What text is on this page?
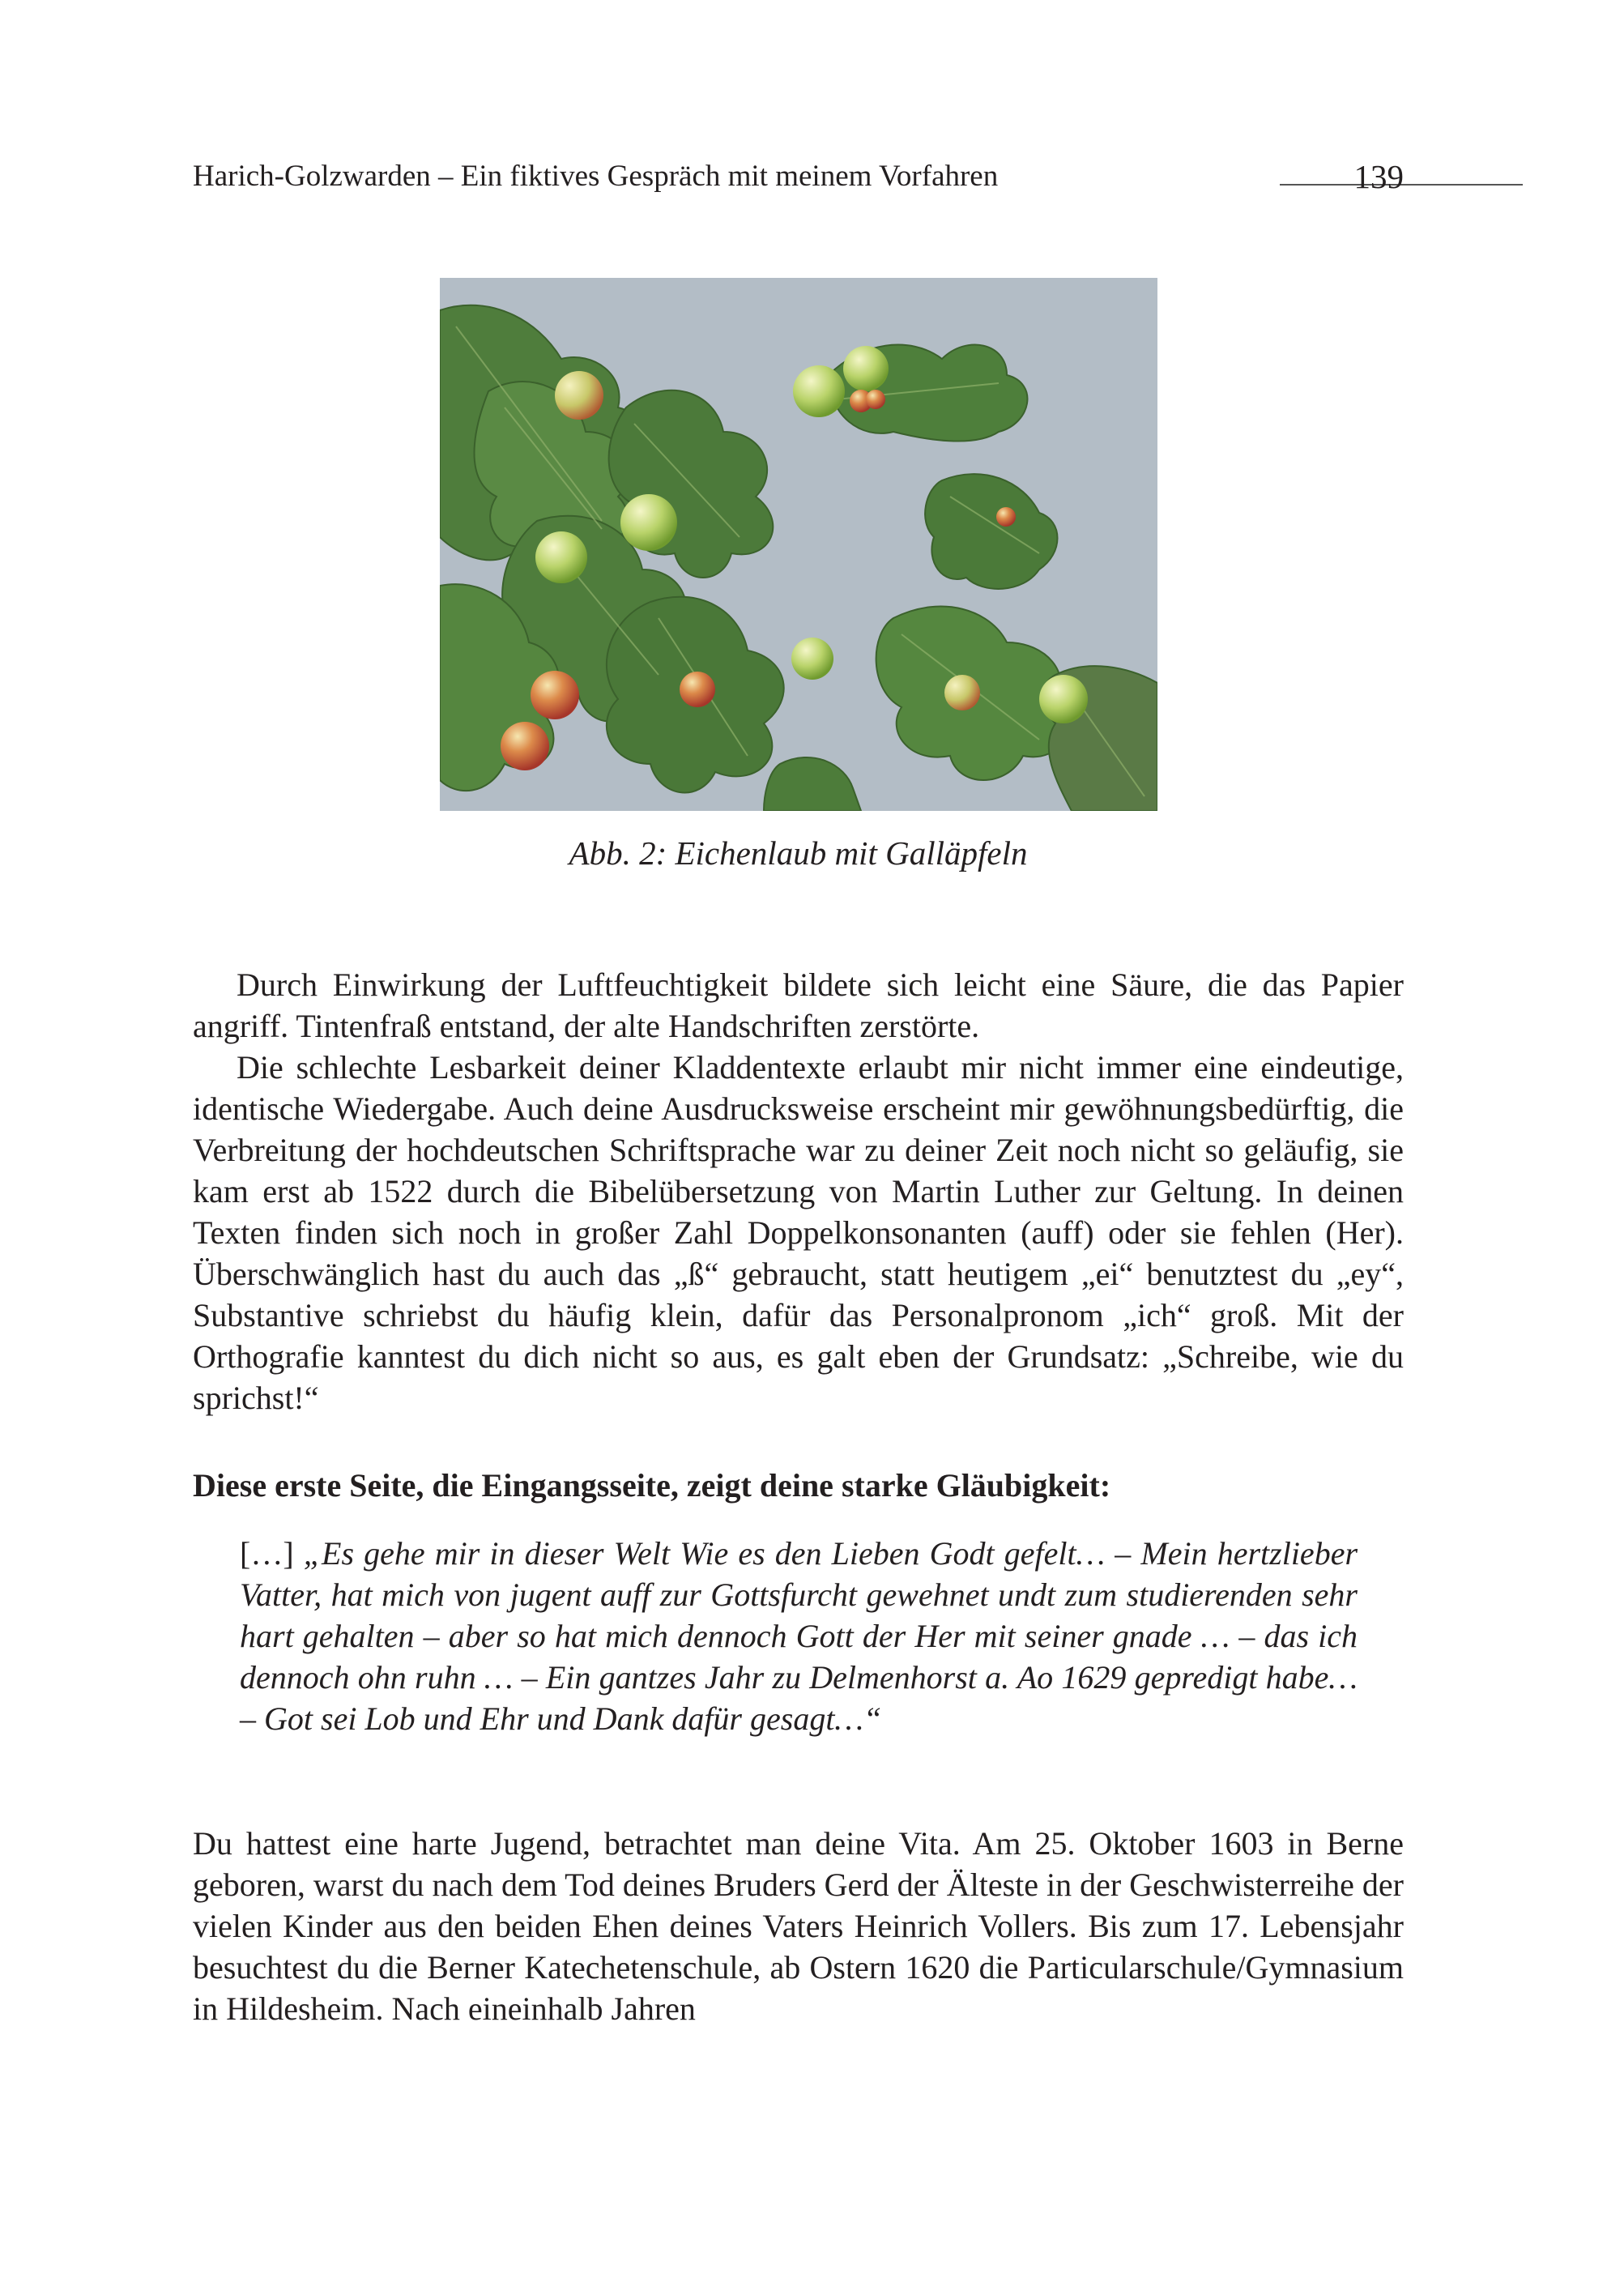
Harich-Golzwarden – Ein fiktives Gespräch mit meinem Vorfahren	139
Abb. 2: Eichenlaub mit Galläpfeln

Durch Einwirkung der Luftfeuchtigkeit bildete sich leicht eine Säure, die das Papier angriff. Tintenfraß entstand, der alte Handschriften zerstörte.

Die schlechte Lesbarkeit deiner Kladdentexte erlaubt mir nicht immer eine eindeutige, identische Wiedergabe. Auch deine Ausdrucksweise erscheint mir gewöhnungsbedürftig, die Verbreitung der hochdeutschen Schriftsprache war zu deiner Zeit noch nicht so geläufig, sie kam erst ab 1522 durch die Bibelübersetzung von Martin Luther zur Geltung. In deinen Texten finden sich noch in großer Zahl Doppelkonsonanten (auff) oder sie fehlen (Her). Überschwänglich hast du auch das „ß“ gebraucht, statt heutigem „ei“ benutztest du „ey“, Substantive schriebst du häufig klein, dafür das Personalpronom „ich“ groß. Mit der Orthografie kanntest du dich nicht so aus, es galt eben der Grundsatz: „Schreibe, wie du sprichst!“

Diese erste Seite, die Eingangsseite, zeigt deine starke Gläubigkeit:

[…] „Es gehe mir in dieser Welt Wie es den Lieben Godt gefelt… – Mein hertzlieber Vatter, hat mich von jugent auff zur Gottsfurcht gewehnet undt zum studierenden sehr hart gehalten – aber so hat mich dennoch Gott der Her mit seiner gnade … – das ich dennoch ohn ruhn … – Ein gantzes Jahr zu Delmenhorst a. Ao 1629 gepredigt habe… – Got sei Lob und Ehr und Dank dafür gesagt…“

Du hattest eine harte Jugend, betrachtet man deine Vita. Am 25. Oktober 1603 in Berne geboren, warst du nach dem Tod deines Bruders Gerd der Älteste in der Geschwisterreihe der vielen Kinder aus den beiden Ehen deines Vaters Heinrich Vollers. Bis zum 17. Lebensjahr besuchtest du die Berner Katechetenschule, ab Ostern 1620 die Particularschule/Gymnasium in Hildesheim. Nach eineinhalb Jahren
